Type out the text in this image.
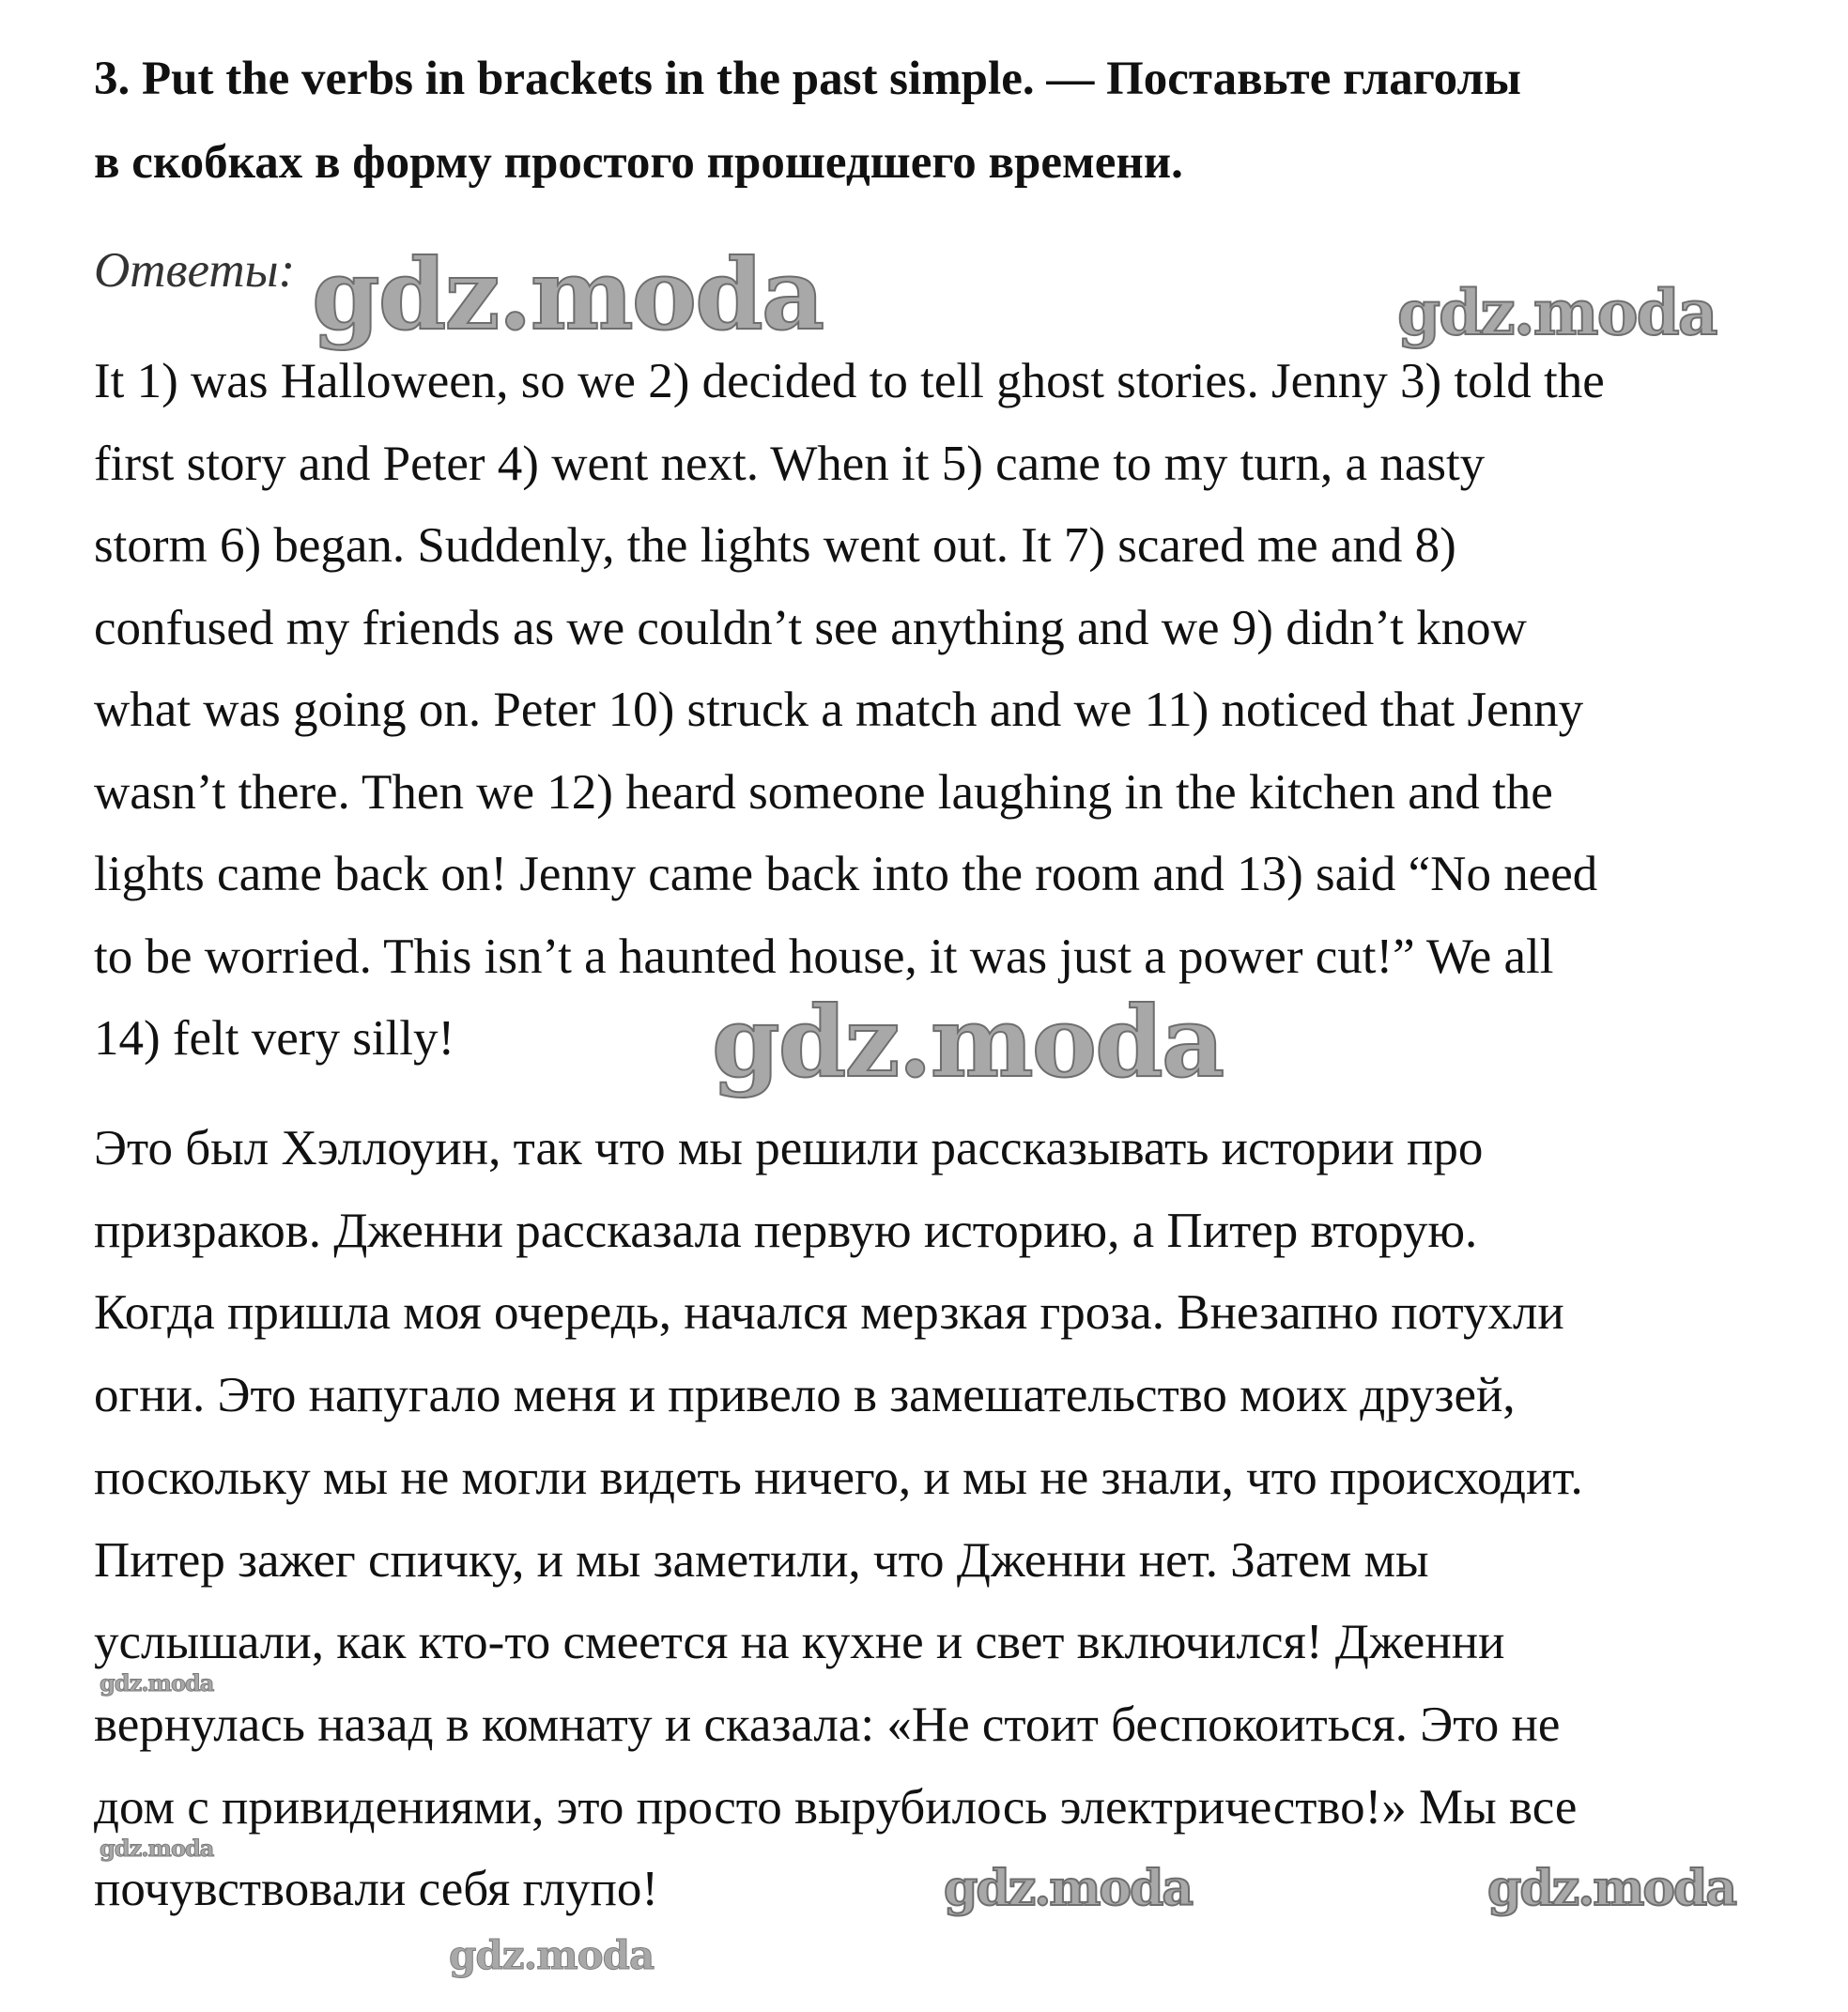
3. Put the verbs in brackets in the past simple. — Поставьте глаголы
в скобках в форму простого прошедшего времени.
Ответы:
It 1) was Halloween, so we 2) decided to tell ghost stories. Jenny 3) told the
first story and Peter 4) went next. When it 5) came to my turn, a nasty
storm 6) began. Suddenly, the lights went out. It 7) scared me and 8)
confused my friends as we couldn’t see anything and we 9) didn’t know
what was going on. Peter 10) struck a match and we 11) noticed that Jenny
wasn’t there. Then we 12) heard someone laughing in the kitchen and the
lights came back on! Jenny came back into the room and 13) said “No need
to be worried. This isn’t a haunted house, it was just a power cut!” We all
14) felt very silly!
Это был Хэллоуин, так что мы решили рассказывать истории про
призраков. Дженни рассказала первую историю, а Питер вторую.
Когда пришла моя очередь, начался мерзкая гроза. Внезапно потухли
огни. Это напугало меня и привело в замешательство моих друзей,
поскольку мы не могли видеть ничего, и мы не знали, что происходит.
Питер зажег спичку, и мы заметили, что Дженни нет. Затем мы
услышали, как кто-то смеется на кухне и свет включился! Дженни
вернулась назад в комнату и сказала: «Не стоит беспокоиться. Это не
дом с привидениями, это просто вырубилось электричество!» Мы все
почувствовали себя глупо!
gdz.moda	gdz.moda
gdz.moda
gdz.moda
gdz.moda
gdz.moda
gdz.moda	gdz.moda
